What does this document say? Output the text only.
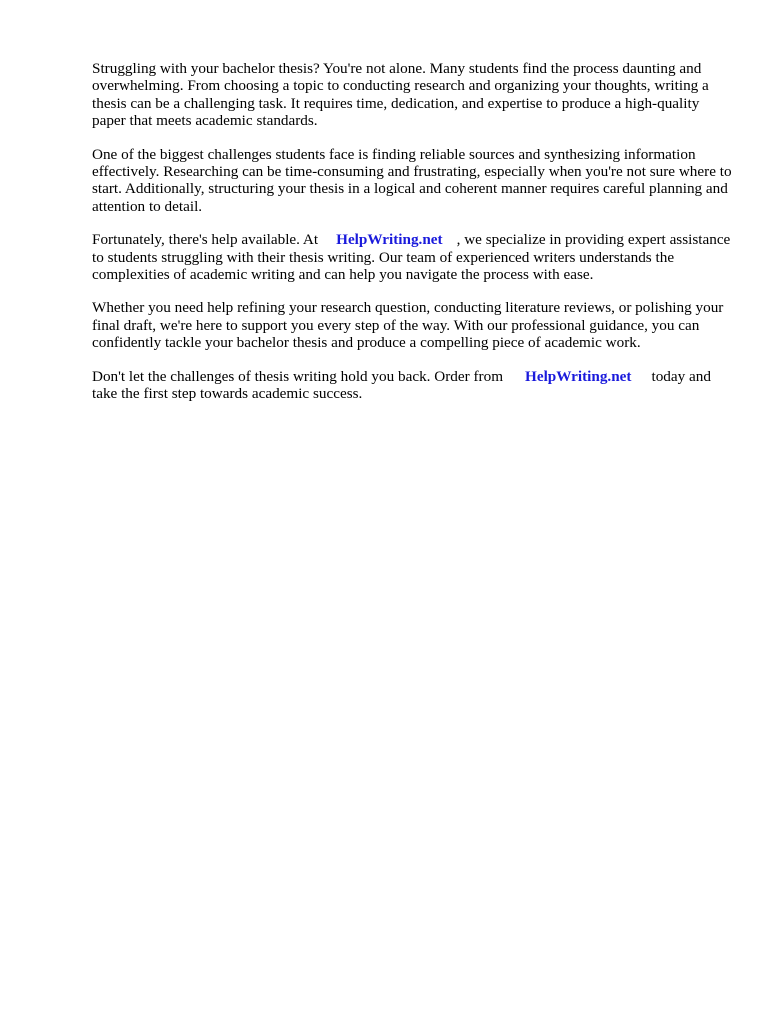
Struggling with your bachelor thesis? You're not alone. Many students find the process daunting and overwhelming. From choosing a topic to conducting research and organizing your thoughts, writing a thesis can be a challenging task. It requires time, dedication, and expertise to produce a high-quality paper that meets academic standards.

One of the biggest challenges students face is finding reliable sources and synthesizing information effectively. Researching can be time-consuming and frustrating, especially when you're not sure where to start. Additionally, structuring your thesis in a logical and coherent manner requires careful planning and attention to detail.

Fortunately, there's help available. At HelpWriting.net , we specialize in providing expert assistance to students struggling with their thesis writing. Our team of experienced writers understands the complexities of academic writing and can help you navigate the process with ease.

Whether you need help refining your research question, conducting literature reviews, or polishing your final draft, we're here to support you every step of the way. With our professional guidance, you can confidently tackle your bachelor thesis and produce a compelling piece of academic work.

Don't let the challenges of thesis writing hold you back. Order from HelpWriting.net today and take the first step towards academic success.
